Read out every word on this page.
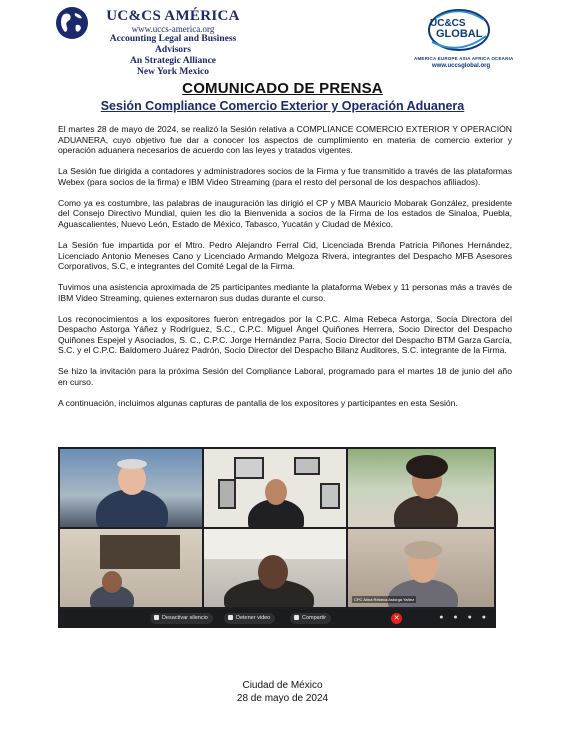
UC&CS AMÉRICA
www.uccs-america.org
Accounting Legal and Business Advisors
An Strategic Alliance
New York Mexico
UC&CS
GLOBAL
AMERICA EUROPE ASIA AFRICA OCEANIA
www.uccsglobal.org
COMUNICADO DE PRENSA
Sesión Compliance Comercio Exterior y Operación Aduanera

El martes 28 de mayo de 2024, se realizó la Sesión relativa a COMPLIANCE COMERCIO EXTERIOR Y OPERACIÓN ADUANERA, cuyo objetivo fue dar a conocer los aspectos de cumplimiento en materia de comercio exterior y operación aduanera necesarios de acuerdo con las leyes y tratados vigentes.

La Sesión fue dirigida a contadores y administradores socios de la Firma y fue transmitido a través de las plataformas Webex (para socios de la firma) e IBM Video Streaming (para el resto del personal de los despachos afiliados).

Como ya es costumbre, las palabras de inauguración las dirigió el CP y MBA Mauricio Mobarak González, presidente del Consejo Directivo Mundial, quien les dio la Bienvenida a socios de la Firma de los estados de Sinaloa, Puebla, Aguascalientes, Nuevo León, Estado de México, Tabasco, Yucatán y Ciudad de México.

La Sesión fue impartida por el Mtro. Pedro Alejandro Ferral Cid, Licenciada Brenda Patricia Piñones Hernández, Licenciado Antonio Meneses Cano y Licenciado Armando Melgoza Rivera, integrantes del Despacho MFB Asesores Corporativos, S.C, e integrantes del Comité Legal de la Firma.

Tuvimos una asistencia aproximada de 25 participantes mediante la plataforma Webex y 11 personas más a través de IBM Video Streaming, quienes externaron sus dudas durante el curso.

Los reconocimientos a los expositores fueron entregados por la C.P.C. Alma Rebeca Astorga, Socia Directora del Despacho Astorga Yáñez y Rodríguez, S.C., C.P.C. Miguel Ángel Quiñones Herrera, Socio Director del Despacho Quiñones Espejel y Asociados, S. C., C.P.C. Jorge Hernández Parra, Socio Director del Despacho BTM Garza García, S.C. y el C.P.C. Baldomero Juárez Padrón, Socio Director del Despacho Bilanz Auditores, S.C. integrante de la Firma.

Se hizo la invitación para la próxima Sesión del Compliance Laboral, programado para el martes 18 de junio del año en curso.

A continuación, incluimos algunas capturas de pantalla de los expositores y participantes en esta Sesión.

CPC Alma Rebeca Astorga Yañez
Desactivar silencio	Detener video	Compartir	✕	● ● ● ●
Ciudad de México
28 de mayo de 2024
